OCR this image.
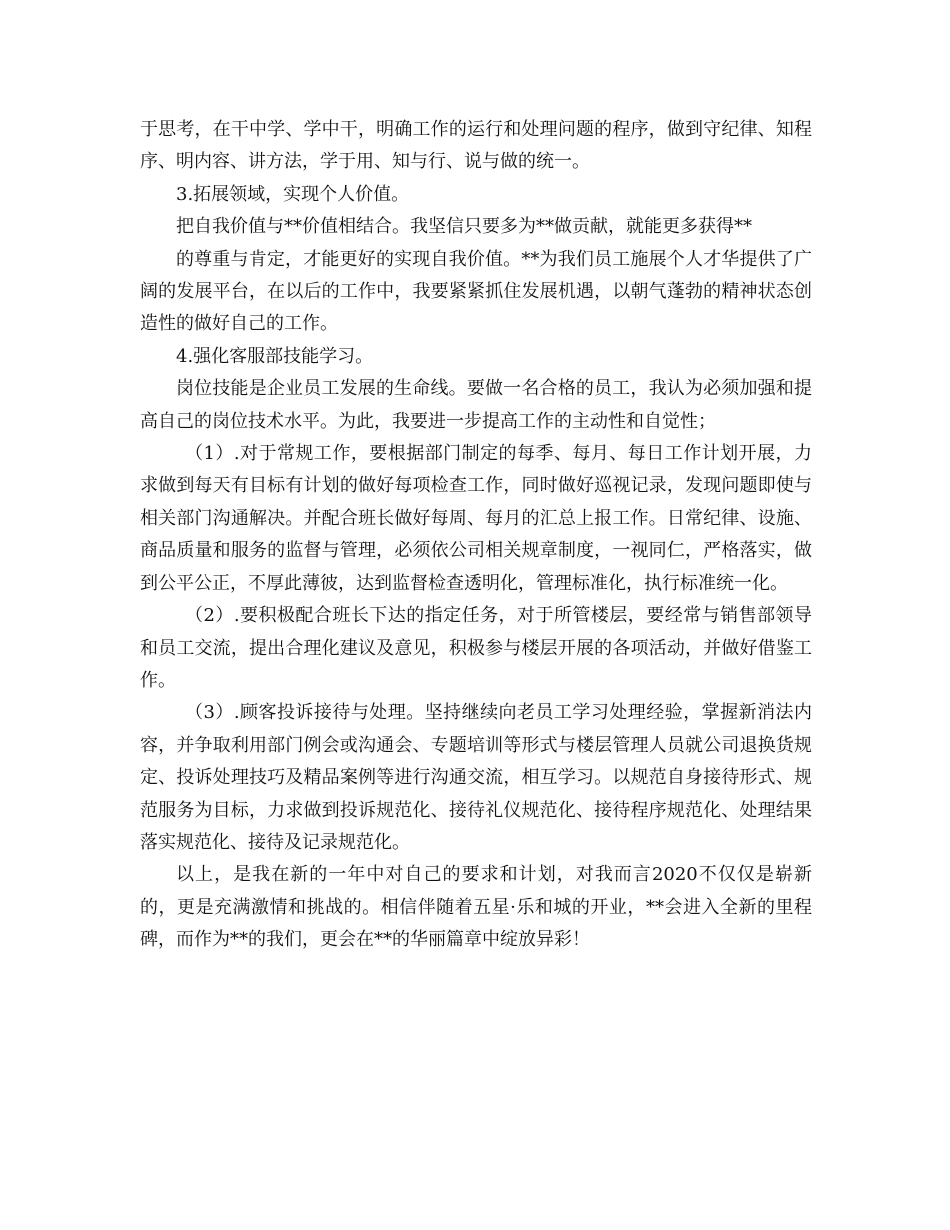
于思考，在干中学、学中干，明确工作的运行和处理问题的程序，做到守纪律、知程序、明内容、讲方法，学于用、知与行、说与做的统一。

3.拓展领域，实现个人价值。

把自我价值与**价值相结合。我坚信只要多为**做贡献，就能更多获得**

的尊重与肯定，才能更好的实现自我价值。**为我们员工施展个人才华提供了广阔的发展平台，在以后的工作中，我要紧紧抓住发展机遇，以朝气蓬勃的精神状态创造性的做好自己的工作。

4.强化客服部技能学习。

岗位技能是企业员工发展的生命线。要做一名合格的员工，我认为必须加强和提高自己的岗位技术水平。为此，我要进一步提高工作的主动性和自觉性；

（1）.对于常规工作，要根据部门制定的每季、每月、每日工作计划开展，力求做到每天有目标有计划的做好每项检查工作，同时做好巡视记录，发现问题即使与相关部门沟通解决。并配合班长做好每周、每月的汇总上报工作。日常纪律、设施、商品质量和服务的监督与管理，必须依公司相关规章制度，一视同仁，严格落实，做到公平公正，不厚此薄彼，达到监督检查透明化，管理标准化，执行标准统一化。

（2）.要积极配合班长下达的指定任务，对于所管楼层，要经常与销售部领导和员工交流，提出合理化建议及意见，积极参与楼层开展的各项活动，并做好借鉴工作。

（3）.顾客投诉接待与处理。坚持继续向老员工学习处理经验，掌握新消法内容，并争取利用部门例会或沟通会、专题培训等形式与楼层管理人员就公司退换货规定、投诉处理技巧及精品案例等进行沟通交流，相互学习。以规范自身接待形式、规范服务为目标，力求做到投诉规范化、接待礼仪规范化、接待程序规范化、处理结果落实规范化、接待及记录规范化。

以上，是我在新的一年中对自己的要求和计划，对我而言2020不仅仅是崭新的，更是充满激情和挑战的。相信伴随着五星·乐和城的开业，**会进入全新的里程碑，而作为**的我们，更会在**的华丽篇章中绽放异彩！
